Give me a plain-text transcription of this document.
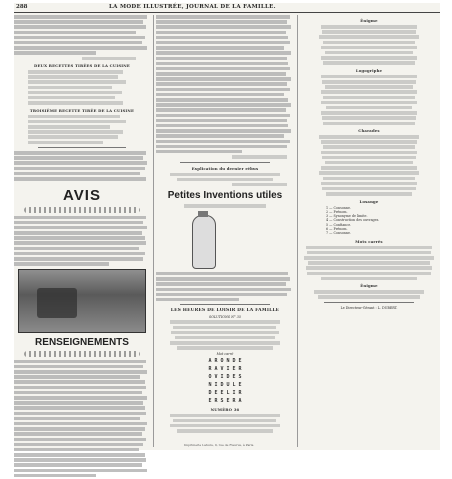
288	LA MODE ILLUSTRÉE, JOURNAL DE LA FAMILLE.
DEUX RECETTES TIRÉES DE LA CUISINE
TROISIÈME RECETTE TIRÉE DE LA CUISINE
AVIS
RENSEIGNEMENTS
Explication du dernier rébus
Petites Inventions utiles
LES HEURES DE LOISIR DE LA FAMILLE
SOLUTIONS N° 35
Mot carré
A R O N D E
R A V I E R
O V I D E S
N I D U L E
D E E L I R
E R S E R A
NUMÉRO 36
Énigme
Logogriphe
Charades
Losange
1 — Consonne.
2 — Prénom.
3 — Synonyme de limite.
4 — Construction des ouvrages.
5 — Confiance.
6 — Prénom.
7 — Consonne.
Mots carrés
Énigme
Le Directeur-Gérant : L. DUBERT.
Imprimerie Lahure, 9, rue de Fleurus, à Paris.
